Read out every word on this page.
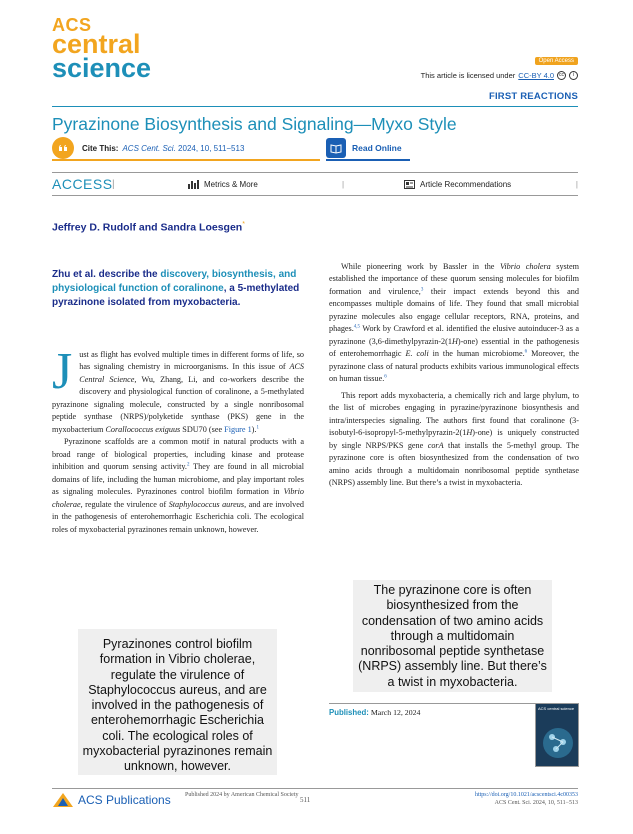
ACS
central
science	Open Access
This article is licensed under CC-BY 4.0	cc	i
FIRST REACTIONS
Pyrazinone Biosynthesis and Signaling—Myxo Style
Cite This: ACS Cent. Sci. 2024, 10, 511−513	Read Online
ACCESS |	Metrics & More	|	Article Recommendations	|
Jeffrey D. Rudolf and Sandra Loesgen*
Zhu et al. describe the discovery, biosynthesis, and physiological function of coralinone, a 5-methylated pyrazinone isolated from myxobacteria.

Just as flight has evolved multiple times in different forms of life, so has signaling chemistry in microorganisms. In this issue of ACS Central Science, Wu, Zhang, Li, and co-workers describe the discovery and physiological function of coralinone, a 5-methylated pyrazinone signaling molecule, constructed by a single nonribosomal peptide synthase (NRPS)/polyketide synthase (PKS) gene in the myxobacterium Corallococcus exiguus SDU70 (see Figure 1).$^1$

Pyrazinone scaffolds are a common motif in natural products with a broad range of biological properties, including kinase and protease inhibition and quorum sensing activity.$^2$ They are found in all microbial domains of life, including the human microbiome, and play important roles as signaling molecules. Pyrazinones control biofilm formation in Vibrio cholerae, regulate the virulence of Staphylococcus aureus, and are involved in the pathogenesis of enterohemorrhagic Escherichia coli. The ecological roles of myxobacterial pyrazinones remain unknown, however.

While pioneering work by Bassler in the Vibrio cholera system established the importance of these quorum sensing molecules for biofilm formation and virulence,$^3$ their impact extends beyond this and encompasses multiple domains of life. They found that small microbial pyrazine molecules also engage cellular receptors, RNA, proteins, and phages.$^{4,5}$ Work by Crawford et al. identified the elusive autoinducer-3 as a pyrazinone (3,6-dimethylpyrazin-2(1H)-one) essential in the pathogenesis of enterohemorrhagic E. coli in the human microbiome.$^6$ Moreover, the pyrazinone class of natural products exhibits various immunological effects on human tissue.$^6$

This report adds myxobacteria, a chemically rich and large phylum, to the list of microbes engaging in pyrazine/pyrazinone biosynthesis and intra/interspecies signaling. The authors first found that coralinone (3-isobutyl-6-isopropyl-5-methylpyrazin-2(1H)-one) is uniquely constructed by single NRPS/PKS gene corA that installs the 5-methyl group. The pyrazinone core is often biosynthesized from the condensation of two amino acids through a multidomain nonribosomal peptide synthetase (NRPS) assembly line. But there’s a twist in myxobacteria.

The pyrazinone core is often biosynthesized from the condensation of two amino acids through a multidomain nonribosomal peptide synthetase (NRPS) assembly line. But there’s a twist in myxobacteria.
Pyrazinones control biofilm formation in Vibrio cholerae, regulate the virulence of Staphylococcus aureus, and are involved in the pathogenesis of enterohemorrhagic Escherichia coli. The ecological roles of myxobacterial pyrazinones remain unknown, however.
Published: March 12, 2024	ACS central science
ACS Publications Published 2024 by American Chemical Society
511
https://doi.org/10.1021/acscentsci.4c00353
ACS Cent. Sci. 2024, 10, 511−513
